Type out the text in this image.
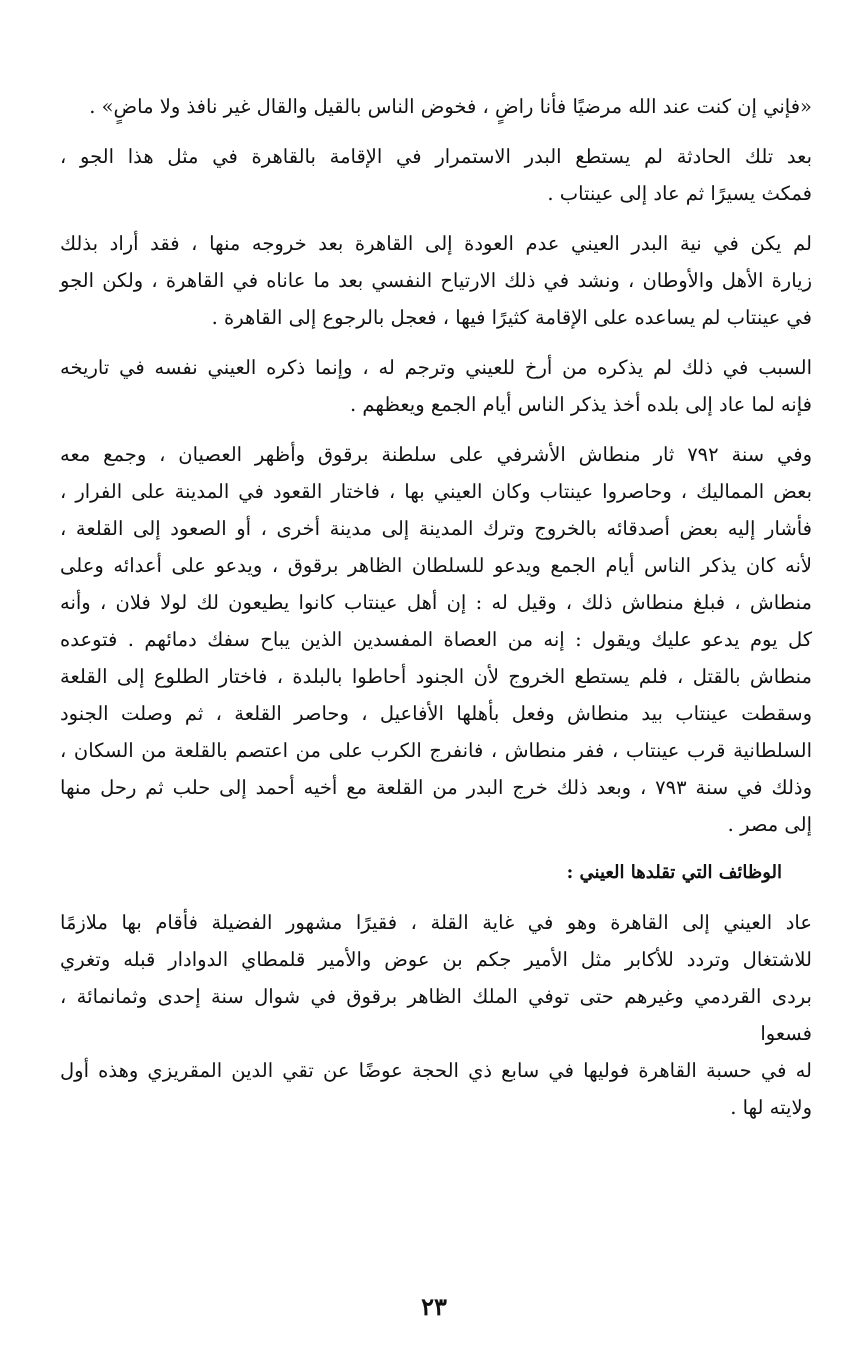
«فإني إن كنت عند الله مرضيًا فأنا راضٍ ، فخوض الناس بالقيل والقال غير نافذ ولا ماضٍ» .

بعد تلك الحادثة لم يستطع البدر الاستمرار في الإقامة بالقاهرة في مثل هذا الجو ،
فمكث يسيرًا ثم عاد إلى عينتاب .

لم يكن في نية البدر العيني عدم العودة إلى القاهرة بعد خروجه منها ، فقد أراد بذلك
زيارة الأهل والأوطان ، ونشد في ذلك الارتياح النفسي بعد ما عاناه في القاهرة ، ولكن الجو
في عينتاب لم يساعده على الإقامة كثيرًا فيها ، فعجل بالرجوع إلى القاهرة .

السبب في ذلك لم يذكره من أرخ للعيني وترجم له ، وإنما ذكره العيني نفسه في تاريخه
فإنه لما عاد إلى بلده أخذ يذكر الناس أيام الجمع ويعظهم .

وفي سنة ٧٩٢ ثار منطاش الأشرفي على سلطنة برقوق وأظهر العصيان ، وجمع معه
بعض المماليك ، وحاصروا عينتاب وكان العيني بها ، فاختار القعود في المدينة على الفرار ،
فأشار إليه بعض أصدقائه بالخروج وترك المدينة إلى مدينة أخرى ، أو الصعود إلى القلعة ،
لأنه كان يذكر الناس أيام الجمع ويدعو للسلطان الظاهر برقوق ، ويدعو على أعدائه وعلى
منطاش ، فبلغ منطاش ذلك ، وقيل له : إن أهل عينتاب كانوا يطيعون لك لولا فلان ، وأنه
كل يوم يدعو عليك ويقول : إنه من العصاة المفسدين الذين يباح سفك دمائهم . فتوعده
منطاش بالقتل ، فلم يستطع الخروج لأن الجنود أحاطوا بالبلدة ، فاختار الطلوع إلى القلعة
وسقطت عينتاب بيد منطاش وفعل بأهلها الأفاعيل ، وحاصر القلعة ، ثم وصلت الجنود
السلطانية قرب عينتاب ، ففر منطاش ، فانفرج الكرب على من اعتصم بالقلعة من السكان ،
وذلك في سنة ٧٩٣ ، وبعد ذلك خرج البدر من القلعة مع أخيه أحمد إلى حلب ثم رحل منها
إلى مصر .

الوظائف التي تقلدها العيني :

عاد العيني إلى القاهرة وهو في غاية القلة ، فقيرًا مشهور الفضيلة فأقام بها ملازمًا
للاشتغال وتردد للأكابر مثل الأمير جكم بن عوض والأمير قلمطاي الدوادار قبله وتغري
بردى القردمي وغيرهم حتى توفي الملك الظاهر برقوق في شوال سنة إحدى وثمانمائة ، فسعوا
له في حسبة القاهرة فوليها في سابع ذي الحجة عوضًا عن تقي الدين المقريزي وهذه أول
ولايته لها .

٢٣
